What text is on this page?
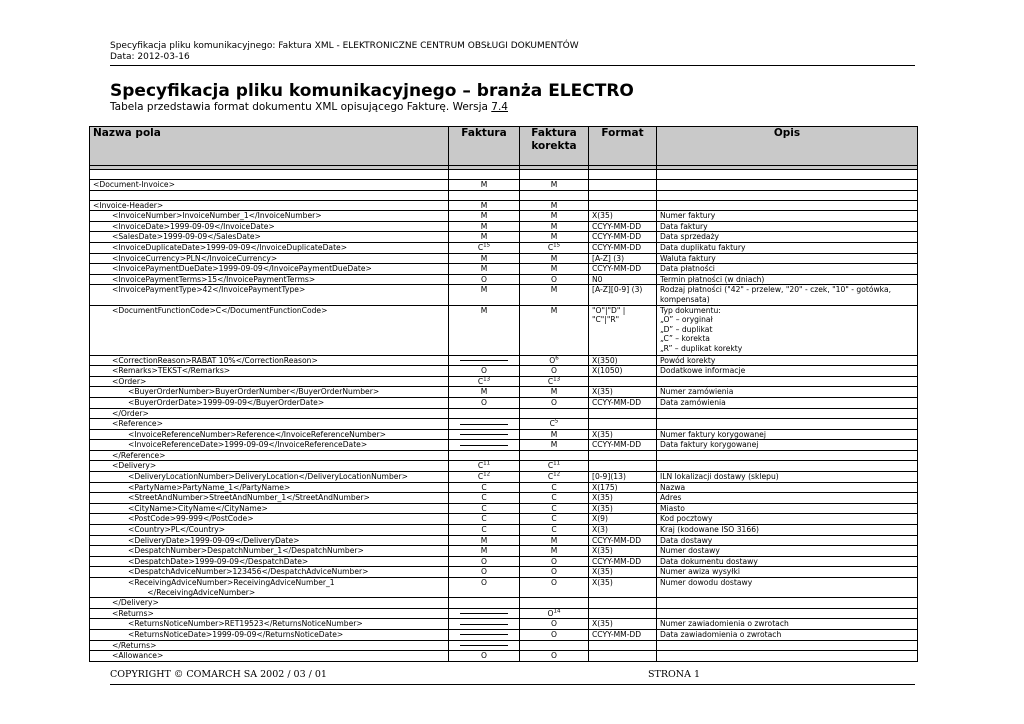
Specyfikacja pliku komunikacyjnego: Faktura XML - ELEKTRONICZNE CENTRUM OBSŁUGI DOKUMENTÓW
Data: 2012-03-16
Specyfikacja pliku komunikacyjnego – branża ELECTRO
Tabela przedstawia format dokumentu XML opisującego Fakturę. Wersja 7.4
Nazwa pola	Faktura	Faktura korekta	Format	Opis

<Document-Invoice>	M	M		

<Invoice-Header>	M	M		
<InvoiceNumber>InvoiceNumber_1</InvoiceNumber>	M	M	X(35)	Numer faktury
<InvoiceDate>1999-09-09</InvoiceDate>	M	M	CCYY-MM-DD	Data faktury
<SalesDate>1999-09-09</SalesDate>	M	M	CCYY-MM-DD	Data sprzedaży
<InvoiceDuplicateDate>1999-09-09</InvoiceDuplicateDate>	$C^{15}$	$C^{15}$	CCYY-MM-DD	Data duplikatu faktury
<InvoiceCurrency>PLN</InvoiceCurrency>	M	M	[A-Z] (3)	Waluta faktury
<InvoicePaymentDueDate>1999-09-09</InvoicePaymentDueDate>	M	M	CCYY-MM-DD	Data płatności
<InvoicePaymentTerms>15</InvoicePaymentTerms>	O	O	N0	Termin płatności (w dniach)
<InvoicePaymentType>42</InvoicePaymentType>	M	M	[A-Z][0-9] (3)	Rodzaj płatności ("42" - przelew, "20" - czek, "10" - gotówka, kompensata)
<DocumentFunctionCode>C</DocumentFunctionCode>	M	M	"O"|"D" | "C"|"R"	Typ dokumentu:
„O” – oryginał
„D” – duplikat
„C” – korekta
„R” – duplikat korekty
<CorrectionReason>RABAT 10%</CorrectionReason>		$O^6$	X(350)	Powód korekty
<Remarks>TEKST</Remarks>	O	O	X(1050)	Dodatkowe informacje
<Order>	$C^{13}$	$C^{13}$		
<BuyerOrderNumber>BuyerOrderNumber</BuyerOrderNumber>	M	M	X(35)	Numer zamówienia
<BuyerOrderDate>1999-09-09</BuyerOrderDate>	O	O	CCYY-MM-DD	Data zamówienia
</Order>				
<Reference>		$C^5$		
<InvoiceReferenceNumber>Reference</InvoiceReferenceNumber>		M	X(35)	Numer faktury korygowanej
<InvoiceReferenceDate>1999-09-09</InvoiceReferenceDate>		M	CCYY-MM-DD	Data faktury korygowanej
</Reference>				
<Delivery>	$C^{11}$	$C^{11}$		
<DeliveryLocationNumber>DeliveryLocation</DeliveryLocationNumber>	$C^{12}$	$C^{12}$	[0-9](13)	ILN lokalizacji dostawy (sklepu)
<PartyName>PartyName_1</PartyName>	C	C	X(175)	Nazwa
<StreetAndNumber>StreetAndNumber_1</StreetAndNumber>	C	C	X(35)	Adres
<CityName>CityName</CityName>	C	C	X(35)	Miasto
<PostCode>99-999</PostCode>	C	C	X(9)	Kod pocztowy
<Country>PL</Country>	C	C	X(3)	Kraj (kodowane ISO 3166)
<DeliveryDate>1999-09-09</DeliveryDate>	M	M	CCYY-MM-DD	Data dostawy
<DespatchNumber>DespatchNumber_1</DespatchNumber>	M	M	X(35)	Numer dostawy
<DespatchDate>1999-09-09</DespatchDate>	O	O	CCYY-MM-DD	Data dokumentu dostawy
<DespatchAdviceNumber>123456</DespatchAdviceNumber>	O	O	X(35)	Numer awiza wysyłki
<ReceivingAdviceNumber>ReceivingAdviceNumber_1
</ReceivingAdviceNumber>	O	O	X(35)	Numer dowodu dostawy
</Delivery>				
<Returns>		$O^{14}$		
<ReturnsNoticeNumber>RET19523</ReturnsNoticeNumber>		O	X(35)	Numer zawiadomienia o zwrotach
<ReturnsNoticeDate>1999-09-09</ReturnsNoticeDate>		O	CCYY-MM-DD	Data zawiadomienia o zwrotach
</Returns>				
<Allowance>	O	O		
COPYRIGHT © COMARCH SA 2002 / 03 / 01	STRONA 1
